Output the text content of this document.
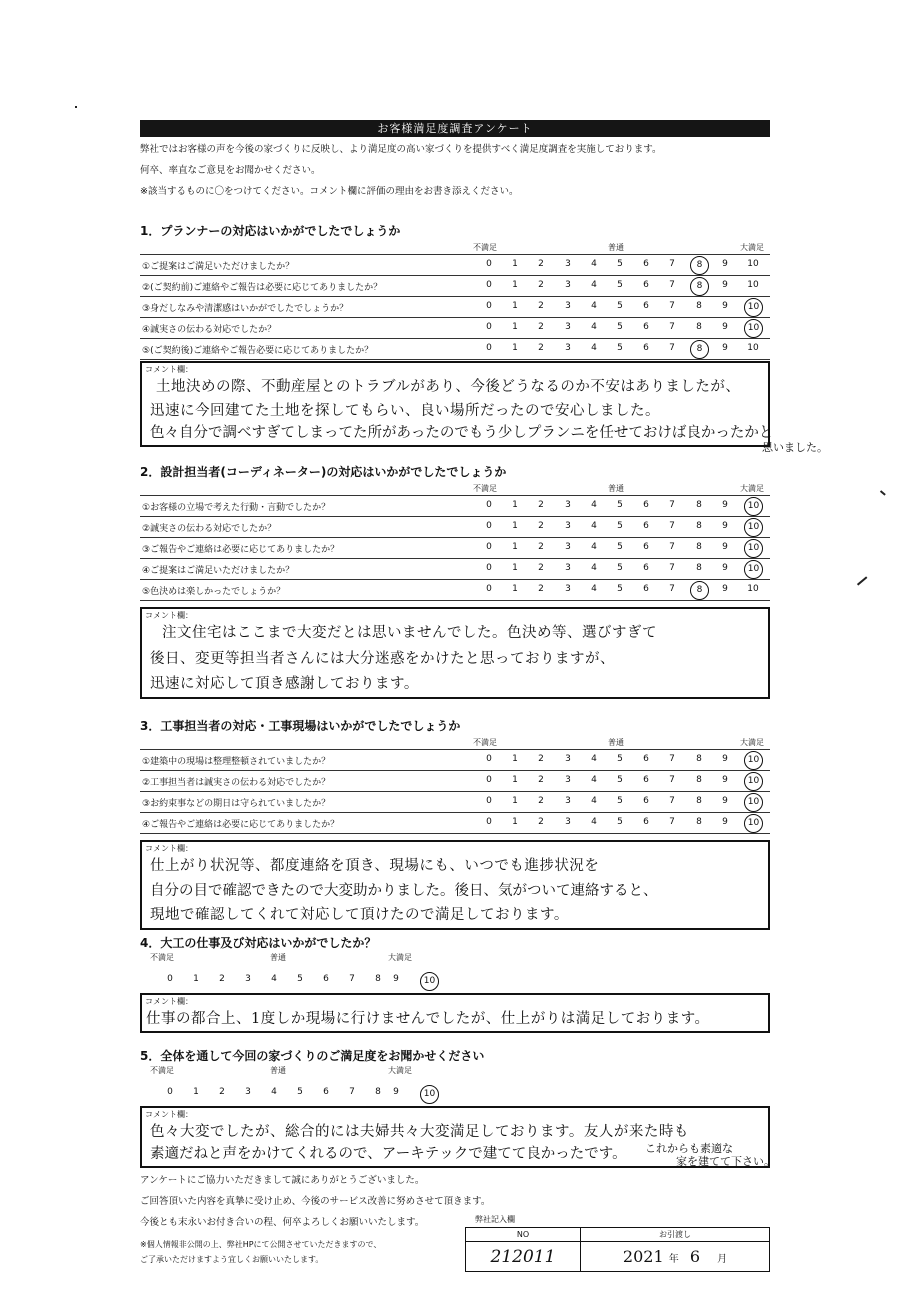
お客様満足度調査アンケート
弊社ではお客様の声を今後の家づくりに反映し、より満足度の高い家づくりを提供すべく満足度調査を実施しております。
何卒、率直なご意見をお聞かせください。
※該当するものに〇をつけてください。コメント欄に評価の理由をお書き添えください。
1．プランナーの対応はいかがでしたでしょうか
不満足	普通	大満足
①ご提案はご満足いただけましたか？	0	1	2	3	4	5	6	7	8	9	10
②(ご契約前)ご連絡やご報告は必要に応じてありましたか？	0	1	2	3	4	5	6	7	8	9	10
③身だしなみや清潔感はいかがでしたでしょうか？	0	1	2	3	4	5	6	7	8	9	10
④誠実さの伝わる対応でしたか？	0	1	2	3	4	5	6	7	8	9	10
⑤(ご契約後)ご連絡やご報告必要に応じてありましたか？	0	1	2	3	4	5	6	7	8	9	10
コメント欄：
土地決めの際、不動産屋とのトラブルがあり、今後どうなるのか不安はありましたが、
迅速に今回建てた土地を探してもらい、良い場所だったので安心しました。
色々自分で調べすぎてしまってた所があったのでもう少しプランニを任せておけば良かったかと
2．設計担当者(コーディネーター)の対応はいかがでしたでしょうか
不満足	普通	大満足
①お客様の立場で考えた行動・言動でしたか？	0	1	2	3	4	5	6	7	8	9	10
②誠実さの伝わる対応でしたか？	0	1	2	3	4	5	6	7	8	9	10
③ご報告やご連絡は必要に応じてありましたか？	0	1	2	3	4	5	6	7	8	9	10
④ご提案はご満足いただけましたか？	0	1	2	3	4	5	6	7	8	9	10
⑤色決めは楽しかったでしょうか？	0	1	2	3	4	5	6	7	8	9	10
コメント欄：
注文住宅はここまで大変だとは思いませんでした。色決め等、選びすぎて
後日、変更等担当者さんには大分迷惑をかけたと思っておりますが、
迅速に対応して頂き感謝しております。
3．工事担当者の対応・工事現場はいかがでしたでしょうか
不満足	普通	大満足
①建築中の現場は整理整頓されていましたか？	0	1	2	3	4	5	6	7	8	9	10
②工事担当者は誠実さの伝わる対応でしたか？	0	1	2	3	4	5	6	7	8	9	10
③お約束事などの期日は守られていましたか？	0	1	2	3	4	5	6	7	8	9	10
④ご報告やご連絡は必要に応じてありましたか？	0	1	2	3	4	5	6	7	8	9	10
コメント欄：
仕上がり状況等、都度連絡を頂き、現場にも、いつでも進捗状況を
自分の目で確認できたので大変助かりました。後日、気がついて連絡すると、
現地で確認してくれて対応して頂けたので満足しております。
4．大工の仕事及び対応はいかがでしたか？
不満足	普通	大満足
0	1	2	3	4	5	6	7	8	9	10
コメント欄：
仕事の都合上、1度しか現場に行けませんでしたが、仕上がりは満足しております。
5．全体を通して今回の家づくりのご満足度をお聞かせください
不満足	普通	大満足
0	1	2	3	4	5	6	7	8	9	10
コメント欄：
色々大変でしたが、総合的には夫婦共々大変満足しております。友人が来た時も
素適だねと声をかけてくれるので、アーキテックで建てて良かったです。
アンケートにご協力いただきまして誠にありがとうございました。
ご回答頂いた内容を真摯に受け止め、今後のサービス改善に努めさせて頂きます。
今後とも末永いお付き合いの程、何卒よろしくお願いいたします。
※個人情報非公開の上、弊社HPにて公開させていただきますので、
ご了承いただけますよう宜しくお願いいたします。
弊社記入欄
NO	お引渡し
212011	2021 年 6 月
思いました。
これからも素適な
家を建てて下さい。
